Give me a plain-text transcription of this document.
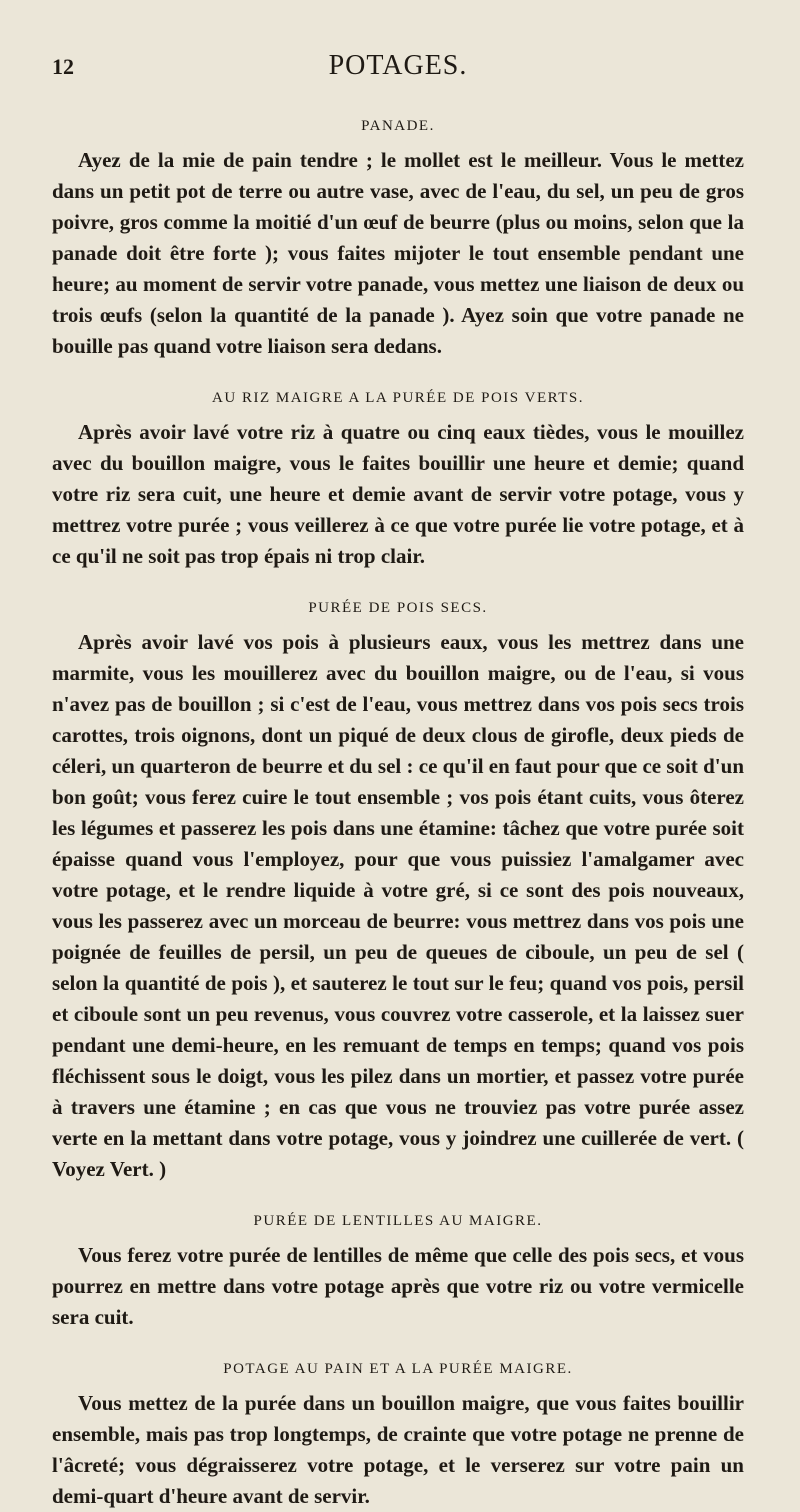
12	POTAGES.
PANADE.

Ayez de la mie de pain tendre ; le mollet est le meilleur. Vous le mettez dans un petit pot de terre ou autre vase, avec de l'eau, du sel, un peu de gros poivre, gros comme la moitié d'un œuf de beurre (plus ou moins, selon que la panade doit être forte ); vous faites mijoter le tout ensemble pendant une heure; au moment de servir votre panade, vous mettez une liaison de deux ou trois œufs (selon la quantité de la panade ). Ayez soin que votre panade ne bouille pas quand votre liaison sera dedans.

AU RIZ MAIGRE A LA PURÉE DE POIS VERTS.

Après avoir lavé votre riz à quatre ou cinq eaux tièdes, vous le mouillez avec du bouillon maigre, vous le faites bouillir une heure et demie; quand votre riz sera cuit, une heure et demie avant de servir votre potage, vous y mettrez votre purée ; vous veillerez à ce que votre purée lie votre potage, et à ce qu'il ne soit pas trop épais ni trop clair.

PURÉE DE POIS SECS.

Après avoir lavé vos pois à plusieurs eaux, vous les mettrez dans une marmite, vous les mouillerez avec du bouillon maigre, ou de l'eau, si vous n'avez pas de bouillon ; si c'est de l'eau, vous mettrez dans vos pois secs trois carottes, trois oignons, dont un piqué de deux clous de girofle, deux pieds de céleri, un quarteron de beurre et du sel : ce qu'il en faut pour que ce soit d'un bon goût; vous ferez cuire le tout ensemble ; vos pois étant cuits, vous ôterez les légumes et passerez les pois dans une étamine: tâchez que votre purée soit épaisse quand vous l'employez, pour que vous puissiez l'amalgamer avec votre potage, et le rendre liquide à votre gré, si ce sont des pois nouveaux, vous les passerez avec un morceau de beurre: vous mettrez dans vos pois une poignée de feuilles de persil, un peu de queues de ciboule, un peu de sel ( selon la quantité de pois ), et sauterez le tout sur le feu; quand vos pois, persil et ciboule sont un peu revenus, vous couvrez votre casserole, et la laissez suer pendant une demi-heure, en les remuant de temps en temps; quand vos pois fléchissent sous le doigt, vous les pilez dans un mortier, et passez votre purée à travers une étamine ; en cas que vous ne trouviez pas votre purée assez verte en la mettant dans votre potage, vous y joindrez une cuillerée de vert. ( Voyez Vert. )

PURÉE DE LENTILLES AU MAIGRE.

Vous ferez votre purée de lentilles de même que celle des pois secs, et vous pourrez en mettre dans votre potage après que votre riz ou votre vermicelle sera cuit.

POTAGE AU PAIN ET A LA PURÉE MAIGRE.

Vous mettez de la purée dans un bouillon maigre, que vous faites bouillir ensemble, mais pas trop longtemps, de crainte que votre potage ne prenne de l'âcreté; vous dégraisserez votre potage, et le verserez sur votre pain un demi-quart d'heure avant de servir.
